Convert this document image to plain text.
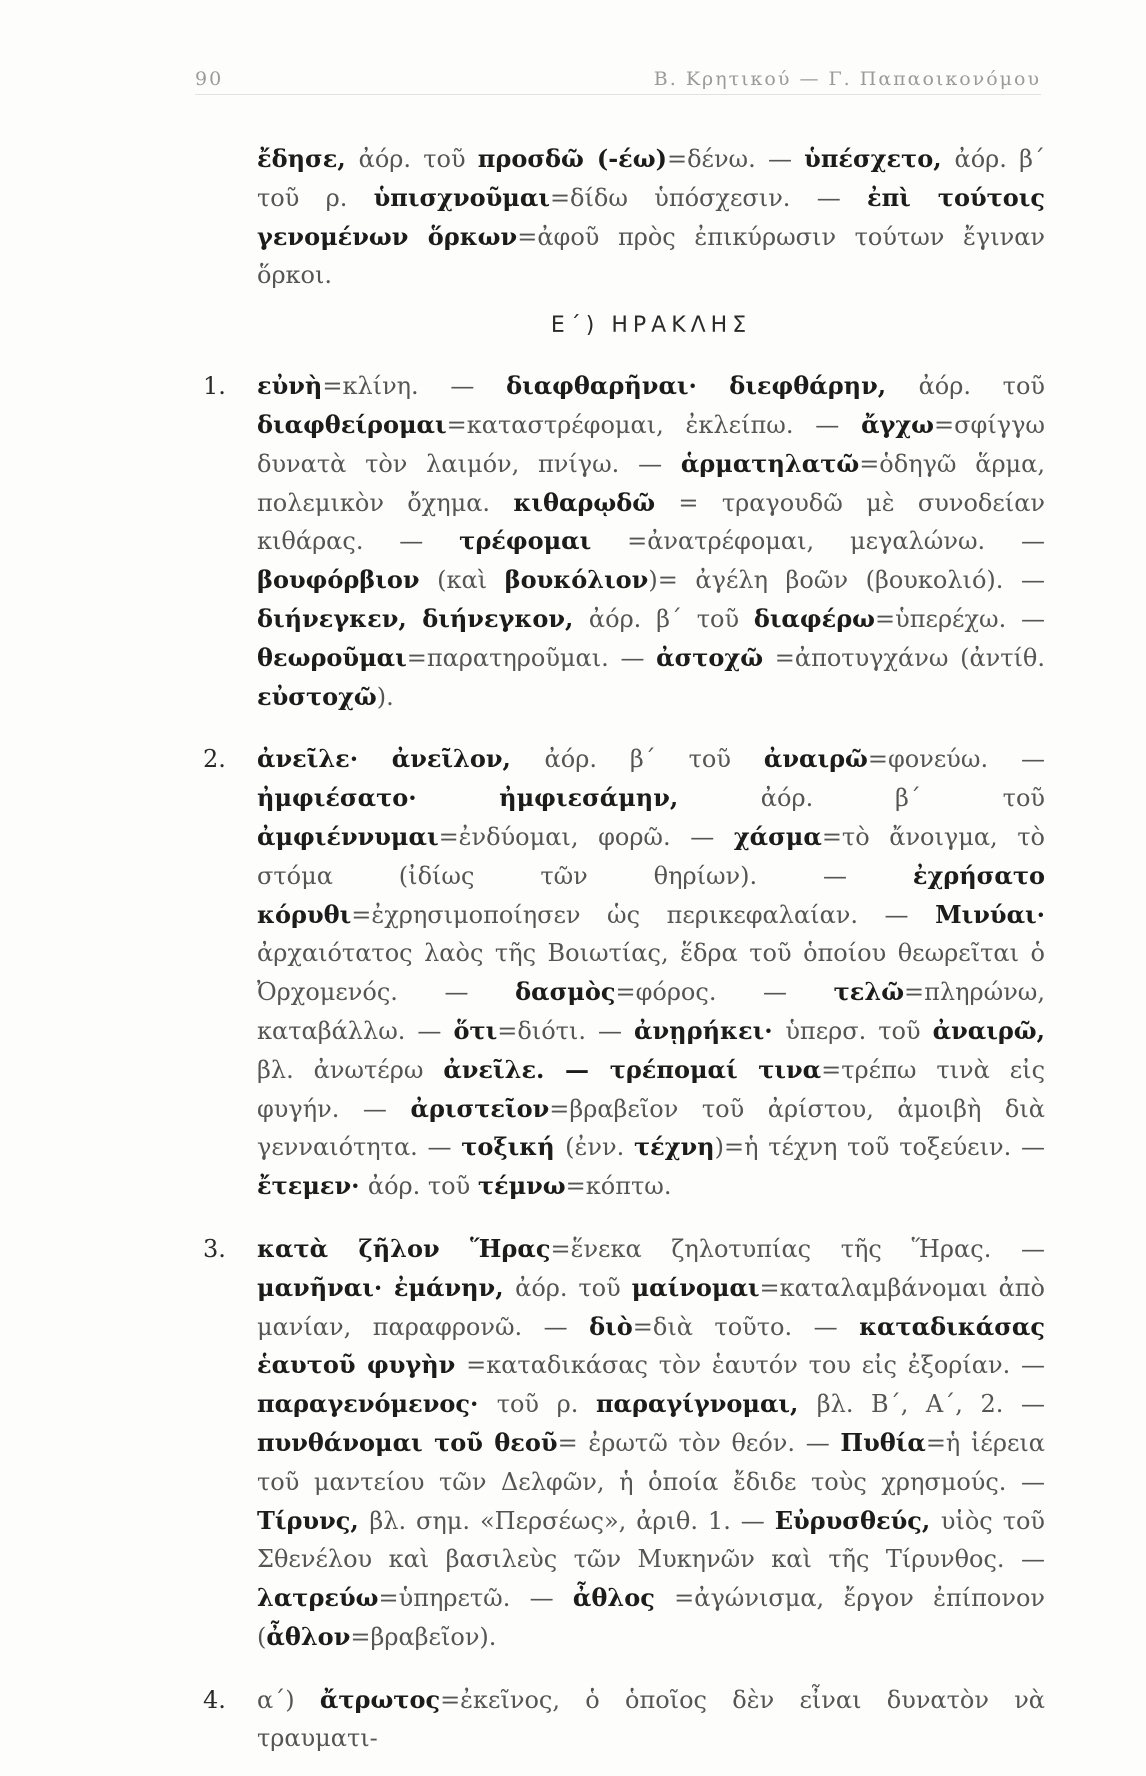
90	Β. Κρητικού — Γ. Παπαοικονόμου

ἔδησε, ἀόρ. τοῦ προσδῶ (-έω)=δένω. — ὑπέσχετο, ἀόρ. β΄ τοῦ ρ. ὑπισχνοῦμαι=δίδω ὑπόσχεσιν. — ἐπὶ τούτοις γενομένων ὅρκων=ἀφοῦ πρὸς ἐπικύρωσιν τούτων ἔγιναν ὅρκοι.

Ε΄) ΗΡΑΚΛΗΣ

1. εὐνὴ=κλίνη. — διαφθαρῆναι· διεφθάρην, ἀόρ. τοῦ διαφθείρομαι=καταστρέφομαι, ἐκλείπω. — ἄγχω=σφίγγω δυνατὰ τὸν λαιμόν, πνίγω. — ἁρματηλατῶ=ὁδηγῶ ἅρμα, πολεμικὸν ὄχημα. κιθαρῳδῶ = τραγουδῶ μὲ συνοδείαν κιθάρας. — τρέφομαι =ἀνατρέφομαι, μεγαλώνω. — βουφόρβιον (καὶ βουκόλιον)= ἀγέλη βοῶν (βουκολιό). — διήνεγκεν, διήνεγκον, ἀόρ. β΄ τοῦ διαφέρω=ὑπερέχω. — θεωροῦμαι=παρατηροῦμαι. — ἀστοχῶ =ἀποτυγχάνω (ἀντίθ. εὐστοχῶ).

2. ἀνεῖλε· ἀνεῖλον, ἀόρ. β΄ τοῦ ἀναιρῶ=φονεύω. — ἠμφιέσατο· ἠμφιεσάμην, ἀόρ. β΄ τοῦ ἀμφιέννυμαι=ἐνδύομαι, φορῶ. — χάσμα=τὸ ἄνοιγμα, τὸ στόμα (ἰδίως τῶν θηρίων). — ἐχρήσατο κόρυθι=ἐχρησιμοποίησεν ὡς περικεφαλαίαν. — Μινύαι· ἀρχαιότατος λαὸς τῆς Βοιωτίας, ἕδρα τοῦ ὁποίου θεωρεῖται ὁ Ὀρχομενός. — δασμὸς=φόρος. — τελῶ=πληρώνω, καταβάλλω. — ὅτι=διότι. — ἀνῃρήκει· ὑπερσ. τοῦ ἀναιρῶ, βλ. ἀνωτέρω ἀνεῖλε. — τρέπομαί τινα=τρέπω τινὰ εἰς φυγήν. — ἀριστεῖον=βραβεῖον τοῦ ἀρίστου, ἀμοιβὴ διὰ γενναιότητα. — τοξική (ἐνν. τέχνη)=ἡ τέχνη τοῦ τοξεύειν. — ἔτεμεν· ἀόρ. τοῦ τέμνω=κόπτω.

3. κατὰ ζῆλον Ἥρας=ἕνεκα ζηλοτυπίας τῆς Ἥρας. — μανῆναι· ἐμάνην, ἀόρ. τοῦ μαίνομαι=καταλαμβάνομαι ἀπὸ μανίαν, παραφρονῶ. — διὸ=διὰ τοῦτο. — καταδικάσας ἑαυτοῦ φυγὴν =καταδικάσας τὸν ἑαυτόν του εἰς ἐξορίαν. — παραγενόμενος· τοῦ ρ. παραγίγνομαι, βλ. Β΄, Α΄, 2. — πυνθάνομαι τοῦ θεοῦ= ἐρωτῶ τὸν θεόν. — Πυθία=ἡ ἱέρεια τοῦ μαντείου τῶν Δελφῶν, ἡ ὁποία ἔδιδε τοὺς χρησμούς. — Τίρυνς, βλ. σημ. «Περσέως», ἀριθ. 1. — Εὐρυσθεύς, υἱὸς τοῦ Σθενέλου καὶ βασιλεὺς τῶν Μυκηνῶν καὶ τῆς Τίρυνθος. — λατρεύω=ὑπηρετῶ. — ἆθλος =ἀγώνισμα, ἔργον ἐπίπονον (ἆθλον=βραβεῖον).

4. α΄) ἄτρωτος=ἐκεῖνος, ὁ ὁποῖος δὲν εἶναι δυνατὸν νὰ τραυματι-
